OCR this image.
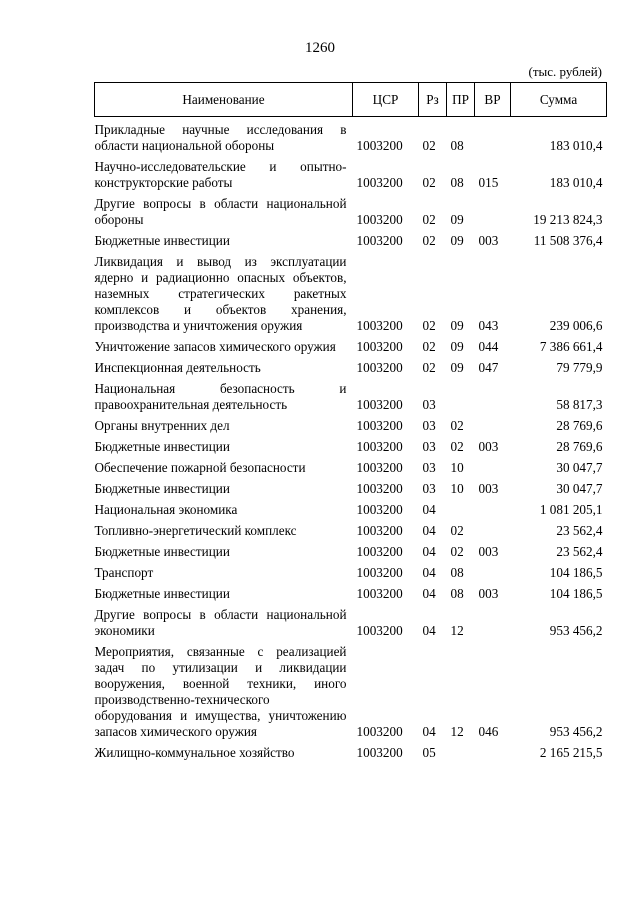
1260
(тыс. рублей)
Наименование	ЦСР	Рз	ПР	ВР	Сумма
Прикладные научные исследования в области национальной обороны	1003200	02	08		183 010,4
Научно-исследовательские и опытно-конструкторские работы	1003200	02	08	015	183 010,4
Другие вопросы в области национальной обороны	1003200	02	09		19 213 824,3
Бюджетные инвестиции	1003200	02	09	003	11 508 376,4
Ликвидация и вывод из эксплуатации ядерно и радиационно опасных объектов, наземных стратегических ракетных комплексов и объектов хранения, производства и уничтожения оружия	1003200	02	09	043	239 006,6
Уничтожение запасов химического оружия	1003200	02	09	044	7 386 661,4
Инспекционная деятельность	1003200	02	09	047	79 779,9
Национальная безопасность и правоохранительная деятельность	1003200	03			58 817,3
Органы внутренних дел	1003200	03	02		28 769,6
Бюджетные инвестиции	1003200	03	02	003	28 769,6
Обеспечение пожарной безопасности	1003200	03	10		30 047,7
Бюджетные инвестиции	1003200	03	10	003	30 047,7
Национальная экономика	1003200	04			1 081 205,1
Топливно-энергетический комплекс	1003200	04	02		23 562,4
Бюджетные инвестиции	1003200	04	02	003	23 562,4
Транспорт	1003200	04	08		104 186,5
Бюджетные инвестиции	1003200	04	08	003	104 186,5
Другие вопросы в области национальной экономики	1003200	04	12		953 456,2
Мероприятия, связанные с реализацией задач по утилизации и ликвидации вооружения, военной техники, иного производственно-технического оборудования и имущества, уничтожению запасов химического оружия	1003200	04	12	046	953 456,2
Жилищно-коммунальное хозяйство	1003200	05			2 165 215,5
